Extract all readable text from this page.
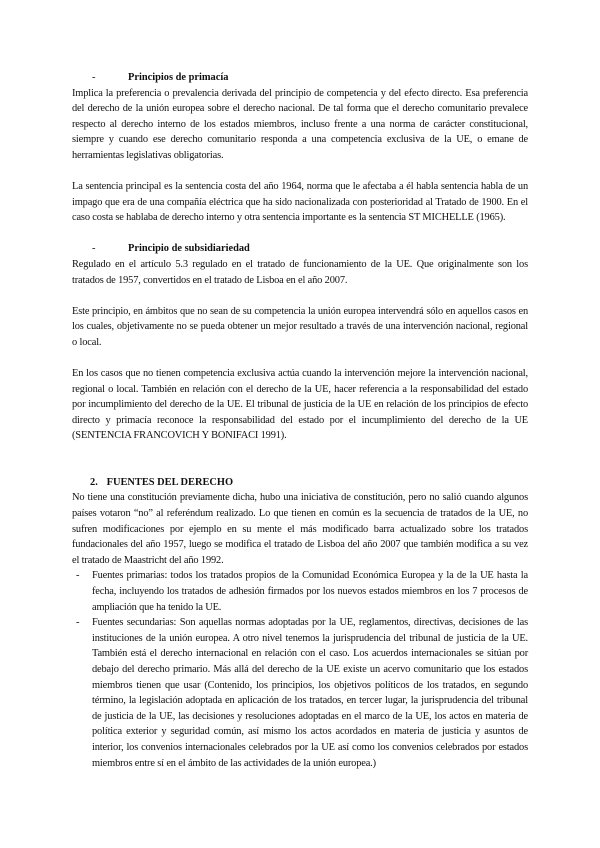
-	Principios de primacía

Implica la preferencia o prevalencia derivada del principio de competencia y del efecto directo. Esa preferencia del derecho de la unión europea sobre el derecho nacional. De tal forma que el derecho comunitario prevalece respecto al derecho interno de los estados miembros, incluso frente a una norma de carácter constitucional, siempre y cuando ese derecho comunitario responda a una competencia exclusiva de la UE, o emane de herramientas legislativas obligatorias.

La sentencia principal es la sentencia costa del año 1964, norma que le afectaba a él habla sentencia habla de un impago que era de una compañía eléctrica que ha sido nacionalizada con posterioridad al Tratado de 1900. En el caso costa se hablaba de derecho interno y otra sentencia importante es la sentencia ST MICHELLE (1965).

-	Principio de subsidiariedad

Regulado en el artículo 5.3 regulado en el tratado de funcionamiento de la UE. Que originalmente son los tratados de 1957, convertidos en el tratado de Lisboa en el año 2007.

Este principio, en ámbitos que no sean de su competencia la unión europea intervendrá sólo en aquellos casos en los cuales, objetivamente no se pueda obtener un mejor resultado a través de una intervención nacional, regional o local.

En los casos que no tienen competencia exclusiva actúa cuando la intervención mejore la intervención nacional, regional o local. También en relación con el derecho de la UE, hacer referencia a la responsabilidad del estado por incumplimiento del derecho de la UE. El tribunal de justicia de la UE en relación de los principios de efecto directo y primacía reconoce la responsabilidad del estado por el incumplimiento del derecho de la UE (SENTENCIA FRANCOVICH Y BONIFACI 1991).

2. FUENTES DEL DERECHO

No tiene una constitución previamente dicha, hubo una iniciativa de constitución, pero no salió cuando algunos países votaron “no” al referéndum realizado. Lo que tienen en común es la secuencia de tratados de la UE, no sufren modificaciones por ejemplo en su mente el más modificado barra actualizado sobre los tratados fundacionales del año 1957, luego se modifica el tratado de Lisboa del año 2007 que también modifica a su vez el tratado de Maastricht del año 1992.

- Fuentes primarias: todos los tratados propios de la Comunidad Económica Europea y la de la UE hasta la fecha, incluyendo los tratados de adhesión firmados por los nuevos estados miembros en los 7 procesos de ampliación que ha tenido la UE.
- Fuentes secundarias: Son aquellas normas adoptadas por la UE, reglamentos, directivas, decisiones de las instituciones de la unión europea. A otro nivel tenemos la jurisprudencia del tribunal de justicia de la UE. También está el derecho internacional en relación con el caso. Los acuerdos internacionales se sitúan por debajo del derecho primario. Más allá del derecho de la UE existe un acervo comunitario que los estados miembros tienen que usar (Contenido, los principios, los objetivos políticos de los tratados, en segundo término, la legislación adoptada en aplicación de los tratados, en tercer lugar, la jurisprudencia del tribunal de justicia de la UE, las decisiones y resoluciones adoptadas en el marco de la UE, los actos en materia de política exterior y seguridad común, así mismo los actos acordados en materia de justicia y asuntos de interior, los convenios internacionales celebrados por la UE así como los convenios celebrados por estados miembros entre sí en el ámbito de las actividades de la unión europea.)
